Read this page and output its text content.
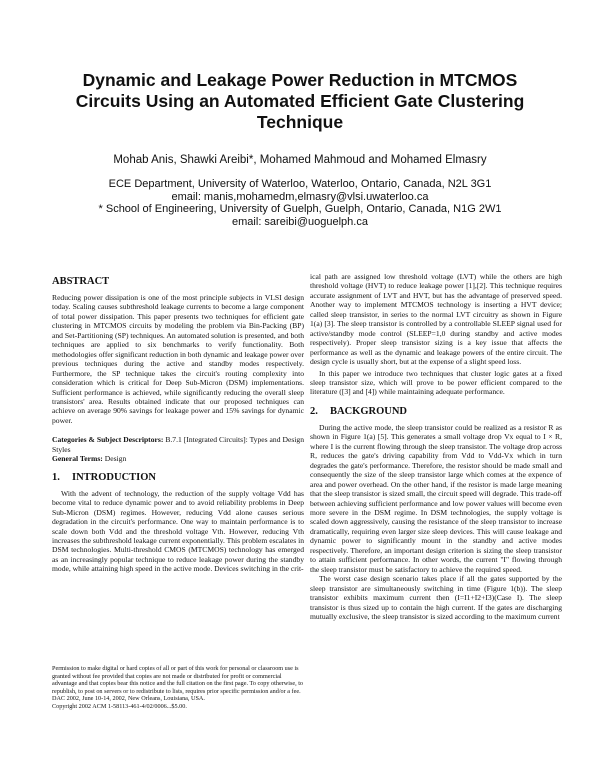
Dynamic and Leakage Power Reduction in MTCMOS Circuits Using an Automated Efficient Gate Clustering Technique
Mohab Anis, Shawki Areibi*, Mohamed Mahmoud and Mohamed Elmasry
ECE Department, University of Waterloo, Waterloo, Ontario, Canada, N2L 3G1
email: manis,mohamedm,elmasry@vlsi.uwaterloo.ca
* School of Engineering, University of Guelph, Guelph, Ontario, Canada, N1G 2W1
email: sareibi@uoguelph.ca
ABSTRACT

Reducing power dissipation is one of the most principle subjects in VLSI design today. Scaling causes subthreshold leakage currents to become a large component of total power dissipation. This paper presents two techniques for efficient gate clustering in MTCMOS circuits by modeling the problem via Bin-Packing (BP) and Set-Partitioning (SP) techniques. An automated solution is presented, and both techniques are applied to six benchmarks to verify functionality. Both methodologies offer significant reduction in both dynamic and leakage power over previous techniques during the active and standby modes respectively. Furthermore, the SP technique takes the circuit's routing complexity into consideration which is critical for Deep Sub-Micron (DSM) implementations. Sufficient performance is achieved, while significantly reducing the overall sleep transistors' area. Results obtained indicate that our proposed techniques can achieve on average 90% savings for leakage power and 15% savings for dynamic power.

Categories & Subject Descriptors: B.7.1 [Integrated Circuits]: Types and Design Styles
General Terms: Design
1. INTRODUCTION

With the advent of technology, the reduction of the supply voltage Vdd has become vital to reduce dynamic power and to avoid reliability problems in Deep Sub-Micron (DSM) regimes. However, reducing Vdd alone causes serious degradation in the circuit's performance. One way to maintain performance is to scale down both Vdd and the threshold voltage Vth. However, reducing Vth increases the subthreshold leakage current exponentially. This problem escalates in DSM technologies. Multi-threshold CMOS (MTCMOS) technology has emerged as an increasingly popular technique to reduce leakage power during the standby mode, while attaining high speed in the active mode. Devices switching in the crit-

Permission to make digital or hard copies of all or part of this work for personal or classroom use is granted without fee provided that copies are not made or distributed for profit or commercial advantage and that copies bear this notice and the full citation on the first page. To copy otherwise, to republish, to post on servers or to redistribute to lists, requires prior specific permission and/or a fee.

DAC 2002, June 10-14, 2002, New Orleans, Louisiana, USA.

Copyright 2002 ACM 1-58113-461-4/02/0006...$5.00.

ical path are assigned low threshold voltage (LVT) while the others are high threshold voltage (HVT) to reduce leakage power [1],[2]. This technique requires accurate assignment of LVT and HVT, but has the advantage of preserved speed. Another way to implement MTCMOS technology is inserting a HVT device; called sleep transistor, in series to the normal LVT circuitry as shown in Figure 1(a) [3]. The sleep transistor is controlled by a controllable SLEEP signal used for active/standby mode control (SLEEP=1,0 during standby and active modes respectively). Proper sleep transistor sizing is a key issue that affects the performance as well as the dynamic and leakage powers of the entire circuit. The design cycle is usually short, but at the expense of a slight speed loss.

In this paper we introduce two techniques that cluster logic gates at a fixed sleep transistor size, which will prove to be power efficient compared to the literature ([3] and [4]) while maintaining adequate performance.

2. BACKGROUND

During the active mode, the sleep transistor could be realized as a resistor R as shown in Figure 1(a) [5]. This generates a small voltage drop Vx equal to I × R, where I is the current flowing through the sleep transistor. The voltage drop across R, reduces the gate's driving capability from Vdd to Vdd-Vx which in turn degrades the gate's performance. Therefore, the resistor should be made small and consequently the size of the sleep transistor large which comes at the expence of area and power overhead. On the other hand, if the resistor is made large meaning that the sleep transistor is sized small, the circuit speed will degrade. This trade-off between achieving sufficient performance and low power values will become even more severe in the DSM regime. In DSM technologies, the supply voltage is scaled down aggressively, causing the resistance of the sleep transistor to increase dramatically, requiring even larger size sleep devices. This will cause leakage and dynamic power to significantly mount in the standby and active modes respectively. Therefore, an important design criterion is sizing the sleep transistor to attain sufficient performance. In other words, the current "I" flowing through the sleep transistor must be satisfactory to achieve the required speed.

The worst case design scenario takes place if all the gates supported by the sleep transistor are simultaneously switching in time (Figure 1(b)). The sleep transistor exhibits maximum current then (I=I1+I2+I3)(Case I). The sleep transistor is thus sized up to contain the high current. If the gates are discharging mutually exclusive, the sleep transistor is sized according to the maximum current
